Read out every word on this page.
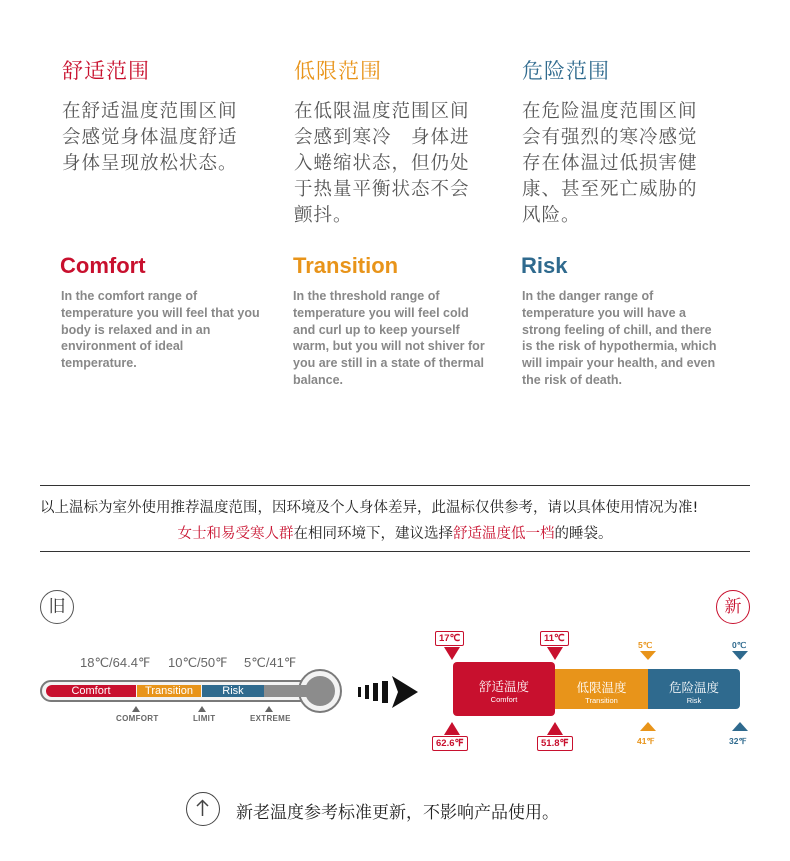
舒适范围

在舒适温度范围区间
会感觉身体温度舒适
身体呈现放松状态。

低限范围

在低限温度范围区间
会感到寒冷　身体进
入蜷缩状态，但仍处
于热量平衡状态不会
颤抖。

危险范围

在危险温度范围区间
会有强烈的寒冷感觉
存在体温过低损害健
康、甚至死亡威胁的
风险。

Comfort	Transition	Risk
In the comfort range of temperature you will feel that you body is relaxed and in an environment of ideal temperature.
In the threshold range of temperature you will feel cold and curl up to keep yourself warm, but you will not shiver for you are still in a state of thermal balance.
In the danger range of temperature you will have a strong feeling of chill, and there is the risk of hypothermia, which will impair your health, and even the risk of death.
以上温标为室外使用推荐温度范围，因环境及个人身体差异，此温标仅供参考，请以具体使用情况为准!
女士和易受寒人群在相同环境下，建议选择舒适温度低一档的睡袋。
旧	新
18℃/64.4℉ 10℃/50℉ 5℃/41℉
Comfort	Transition	Risk
COMFORT	LIMIT	EXTREME
舒适温度
Comfort
低限温度
Transition
危险温度
Risk
17℃	11℃
5℃	0℃
62.6℉	51.8℉	41℉	32℉
新老温度参考标准更新，不影响产品使用。
